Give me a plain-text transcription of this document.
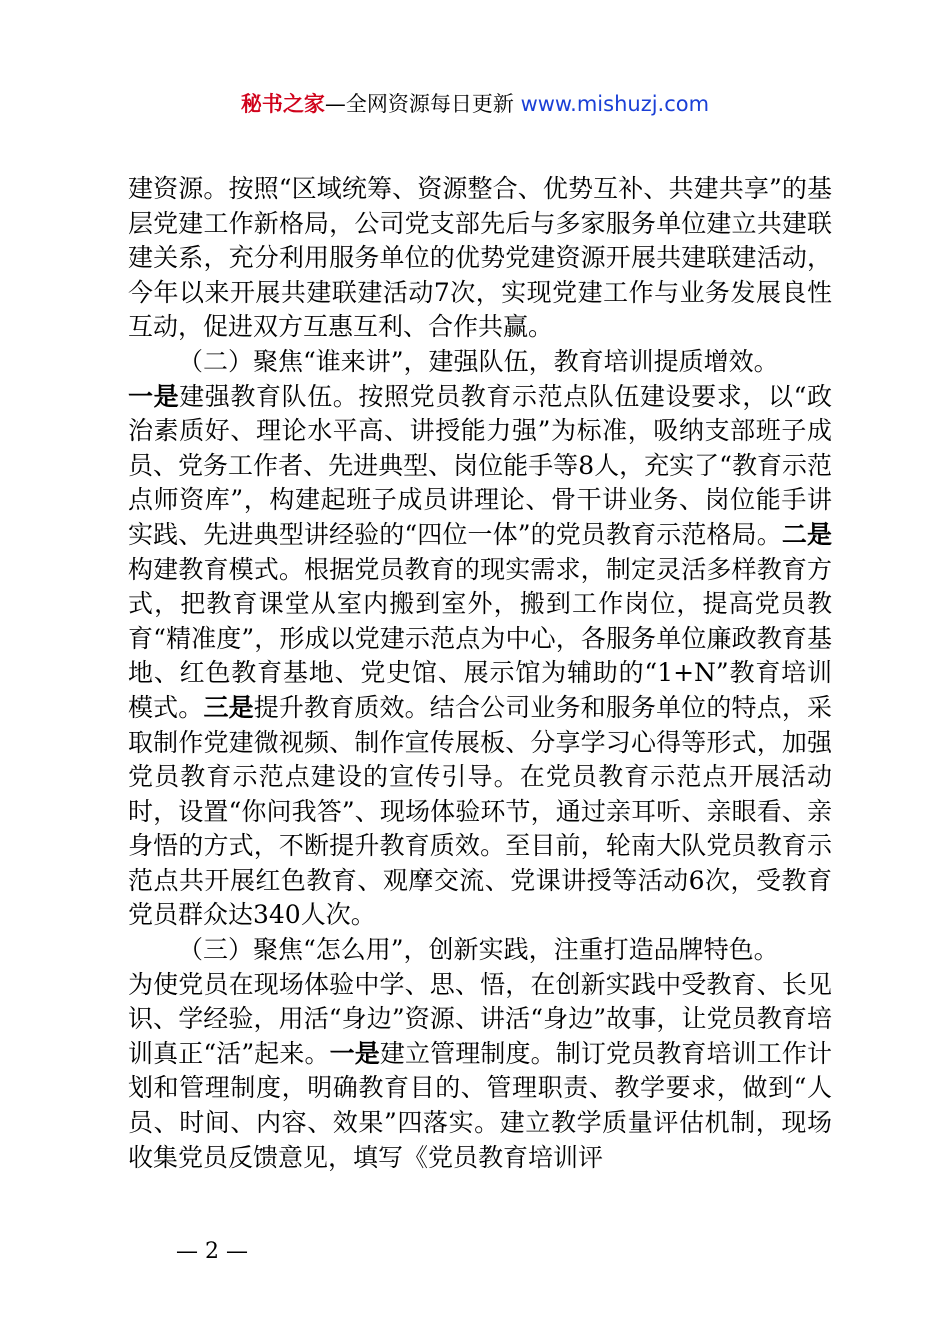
秘书之家—全网资源每日更新 www.mishuzj.com

建资源。按照“区域统筹、资源整合、优势互补、共建共享”的基层党建工作新格局，公司党支部先后与多家服务单位建立共建联建关系，充分利用服务单位的优势党建资源开展共建联建活动，今年以来开展共建联建活动7次，实现党建工作与业务发展良性互动，促进双方互惠互利、合作共赢。

（二）聚焦“谁来讲”，建强队伍，教育培训提质增效。

一是建强教育队伍。按照党员教育示范点队伍建设要求，以“政治素质好、理论水平高、讲授能力强”为标准，吸纳支部班子成员、党务工作者、先进典型、岗位能手等8人，充实了“教育示范点师资库”，构建起班子成员讲理论、骨干讲业务、岗位能手讲实践、先进典型讲经验的“四位一体”的党员教育示范格局。二是构建教育模式。根据党员教育的现实需求，制定灵活多样教育方式，把教育课堂从室内搬到室外，搬到工作岗位，提高党员教育“精准度”，形成以党建示范点为中心，各服务单位廉政教育基地、红色教育基地、党史馆、展示馆为辅助的“1+N”教育培训模式。三是提升教育质效。结合公司业务和服务单位的特点，采取制作党建微视频、制作宣传展板、分享学习心得等形式，加强党员教育示范点建设的宣传引导。在党员教育示范点开展活动时，设置“你问我答”、现场体验环节，通过亲耳听、亲眼看、亲身悟的方式，不断提升教育质效。至目前，轮南大队党员教育示范点共开展红色教育、观摩交流、党课讲授等活动6次，受教育党员群众达340人次。

（三）聚焦“怎么用”，创新实践，注重打造品牌特色。

为使党员在现场体验中学、思、悟，在创新实践中受教育、长见识、学经验，用活“身边”资源、讲活“身边”故事，让党员教育培训真正“活”起来。一是建立管理制度。制订党员教育培训工作计划和管理制度，明确教育目的、管理职责、教学要求，做到“人员、时间、内容、效果”四落实。建立教学质量评估机制，现场收集党员反馈意见，填写《党员教育培训评

— 2 —
